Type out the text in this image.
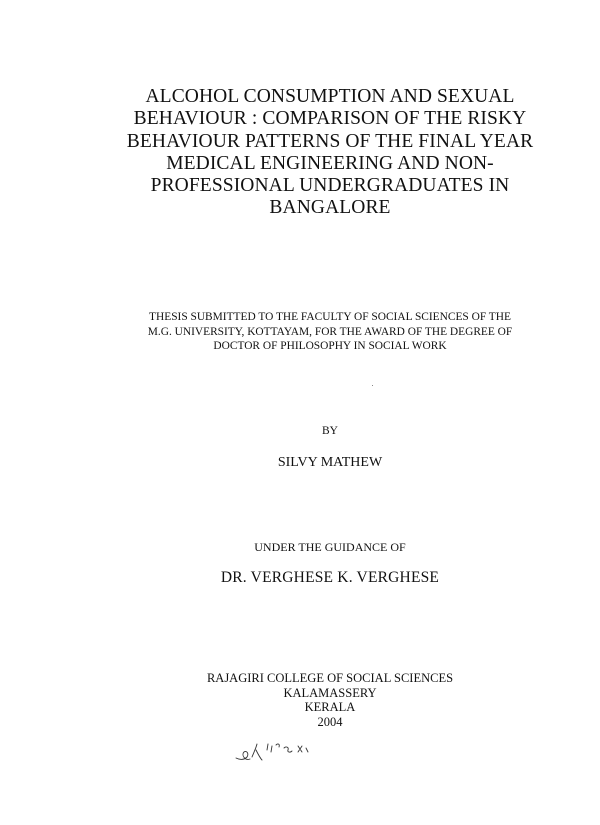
ALCOHOL CONSUMPTION AND SEXUAL
BEHAVIOUR : COMPARISON OF THE RISKY
BEHAVIOUR PATTERNS OF THE FINAL YEAR
MEDICAL ENGINEERING AND NON-
PROFESSIONAL UNDERGRADUATES IN
BANGALORE
THESIS SUBMITTED TO THE FACULTY OF SOCIAL SCIENCES OF THE
M.G. UNIVERSITY, KOTTAYAM, FOR THE AWARD OF THE DEGREE OF
DOCTOR OF PHILOSOPHY IN SOCIAL WORK
BY
SILVY MATHEW
UNDER THE GUIDANCE OF
DR. VERGHESE K. VERGHESE
RAJAGIRI COLLEGE OF SOCIAL SCIENCES
KALAMASSERY
KERALA
2004
